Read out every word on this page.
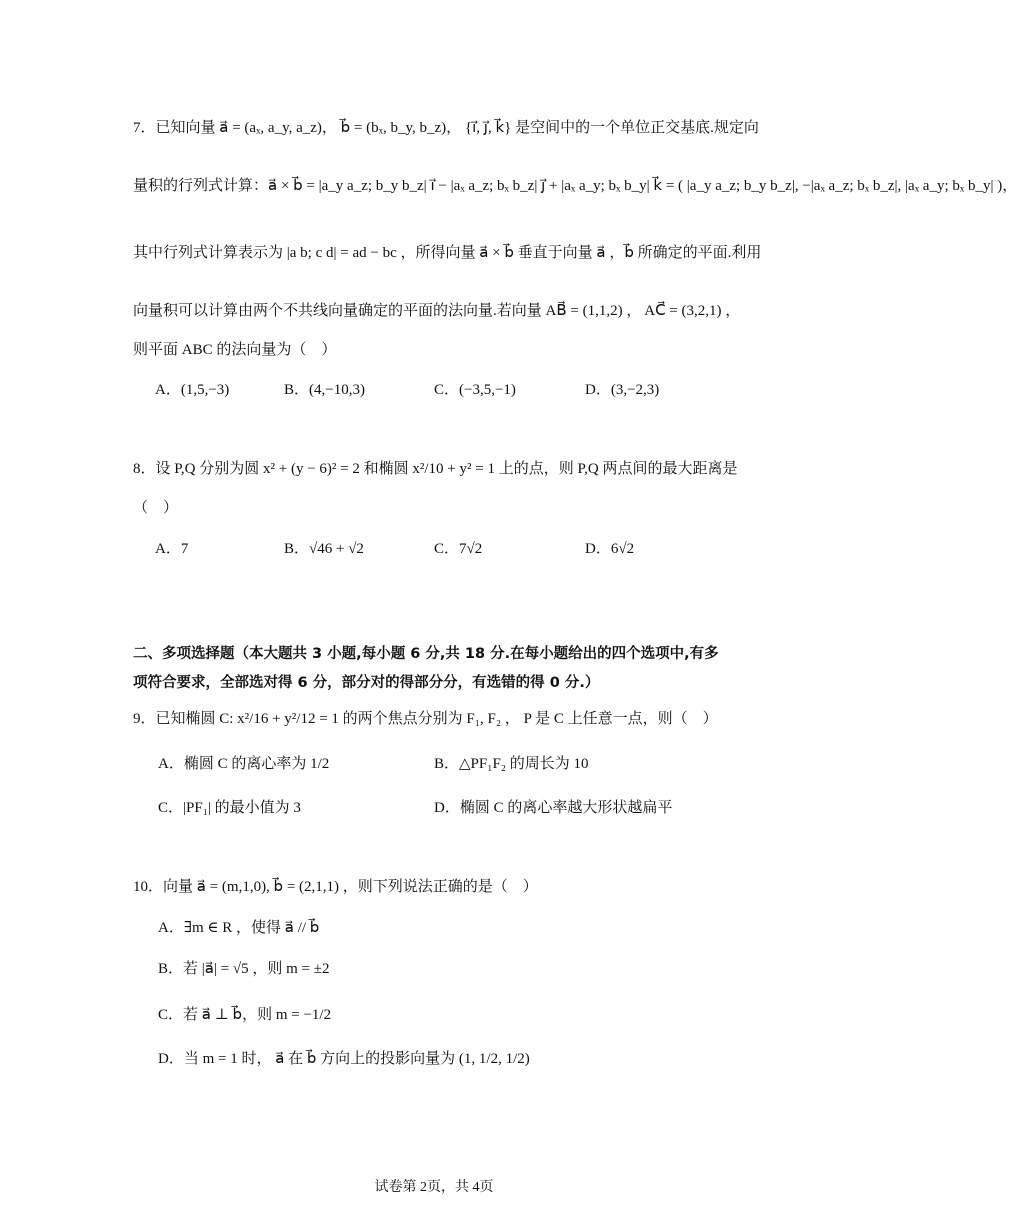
7．已知向量 a⃗ = (aₓ, a_y, a_z)， b⃗ = (bₓ, b_y, b_z)， {i⃗, j⃗, k⃗} 是空间中的一个单位正交基底.规定向
量积的行列式计算：a⃗ × b⃗ = |a_y a_z; b_y b_z| i⃗ − |aₓ a_z; bₓ b_z| j⃗ + |aₓ a_y; bₓ b_y| k⃗ = ( |a_y a_z; b_y b_z|, −|aₓ a_z; bₓ b_z|, |aₓ a_y; bₓ b_y| )，
其中行列式计算表示为 |a b; c d| = ad − bc ，所得向量 a⃗ × b⃗ 垂直于向量 a⃗ ，b⃗ 所确定的平面.利用
向量积可以计算由两个不共线向量确定的平面的法向量.若向量 AB⃗ = (1,1,2) ， AC⃗ = (3,2,1) ，
则平面 ABC 的法向量为（　）
A．(1,5,−3)	B．(4,−10,3)	C．(−3,5,−1)	D．(3,−2,3)
8．设 P,Q 分别为圆 x² + (y − 6)² = 2 和椭圆 x²/10 + y² = 1 上的点，则 P,Q 两点间的最大距离是
（　）
A．7	B．√46 + √2	C．7√2	D．6√2
二、多项选择题（本大题共 3 小题,每小题 6 分,共 18 分.在每小题给出的四个选项中,有多
项符合要求，全部选对得 6 分，部分对的得部分分，有选错的得 0 分.）
9．已知椭圆 C: x²/16 + y²/12 = 1 的两个焦点分别为 F₁, F₂ ， P 是 C 上任意一点，则（　）
A．椭圆 C 的离心率为 1/2	B．△PF₁F₂ 的周长为 10
C．|PF₁| 的最小值为 3	D．椭圆 C 的离心率越大形状越扁平
10．向量 a⃗ = (m,1,0), b⃗ = (2,1,1) ，则下列说法正确的是（　）
A．∃m ∈ R ，使得 a⃗ // b⃗
B．若 |a⃗| = √5 ，则 m = ±2
C．若 a⃗ ⊥ b⃗，则 m = −1/2
D．当 m = 1 时， a⃗ 在 b⃗ 方向上的投影向量为 (1, 1/2, 1/2)
试卷第 2页，共 4页
